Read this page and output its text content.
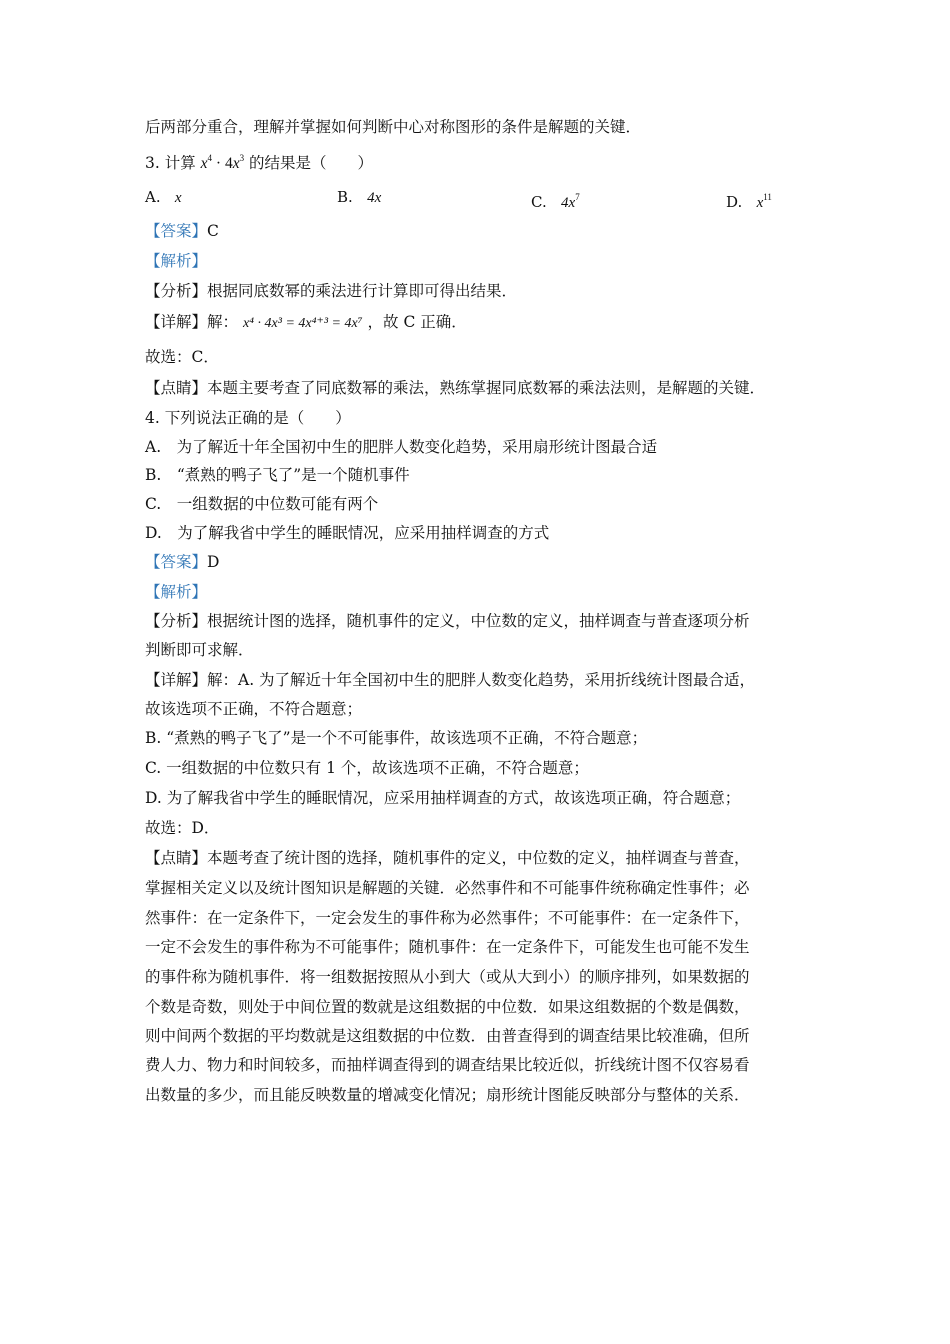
后两部分重合，理解并掌握如何判断中心对称图形的条件是解题的关键．
3. 计算 $x^4 \cdot 4x^3$ 的结果是（　　）
A. x	B. 4x	C. $4x^7$	D. $x^{11}$
【答案】C
【解析】
【分析】根据同底数幂的乘法进行计算即可得出结果．
【详解】解： x⁴ · 4x³ = 4x⁴⁺³ = 4x⁷ ，故 C 正确．
故选：C．
【点睛】本题主要考查了同底数幂的乘法，熟练掌握同底数幂的乘法法则，是解题的关键．
4. 下列说法正确的是（　　）
A.　为了解近十年全国初中生的肥胖人数变化趋势，采用扇形统计图最合适
B.　“煮熟的鸭子飞了”是一个随机事件
C.　一组数据的中位数可能有两个
D.　为了解我省中学生的睡眠情况，应采用抽样调查的方式
【答案】D
【解析】
【分析】根据统计图的选择，随机事件的定义，中位数的定义，抽样调查与普查逐项分析
判断即可求解．
【详解】解：A. 为了解近十年全国初中生的肥胖人数变化趋势，采用折线统计图最合适，
故该选项不正确，不符合题意；
B. “煮熟的鸭子飞了”是一个不可能事件，故该选项不正确，不符合题意；
C. 一组数据的中位数只有 1 个，故该选项不正确，不符合题意；
D. 为了解我省中学生的睡眠情况，应采用抽样调查的方式，故该选项正确，符合题意；
故选：D．
【点睛】本题考查了统计图的选择，随机事件的定义，中位数的定义，抽样调查与普查，
掌握相关定义以及统计图知识是解题的关键．必然事件和不可能事件统称确定性事件；必
然事件：在一定条件下，一定会发生的事件称为必然事件；不可能事件：在一定条件下，
一定不会发生的事件称为不可能事件；随机事件：在一定条件下，可能发生也可能不发生
的事件称为随机事件．将一组数据按照从小到大（或从大到小）的顺序排列，如果数据的
个数是奇数，则处于中间位置的数就是这组数据的中位数．如果这组数据的个数是偶数，
则中间两个数据的平均数就是这组数据的中位数．由普查得到的调查结果比较准确，但所
费人力、物力和时间较多，而抽样调查得到的调查结果比较近似，折线统计图不仅容易看
出数量的多少，而且能反映数量的增减变化情况；扇形统计图能反映部分与整体的关系．
